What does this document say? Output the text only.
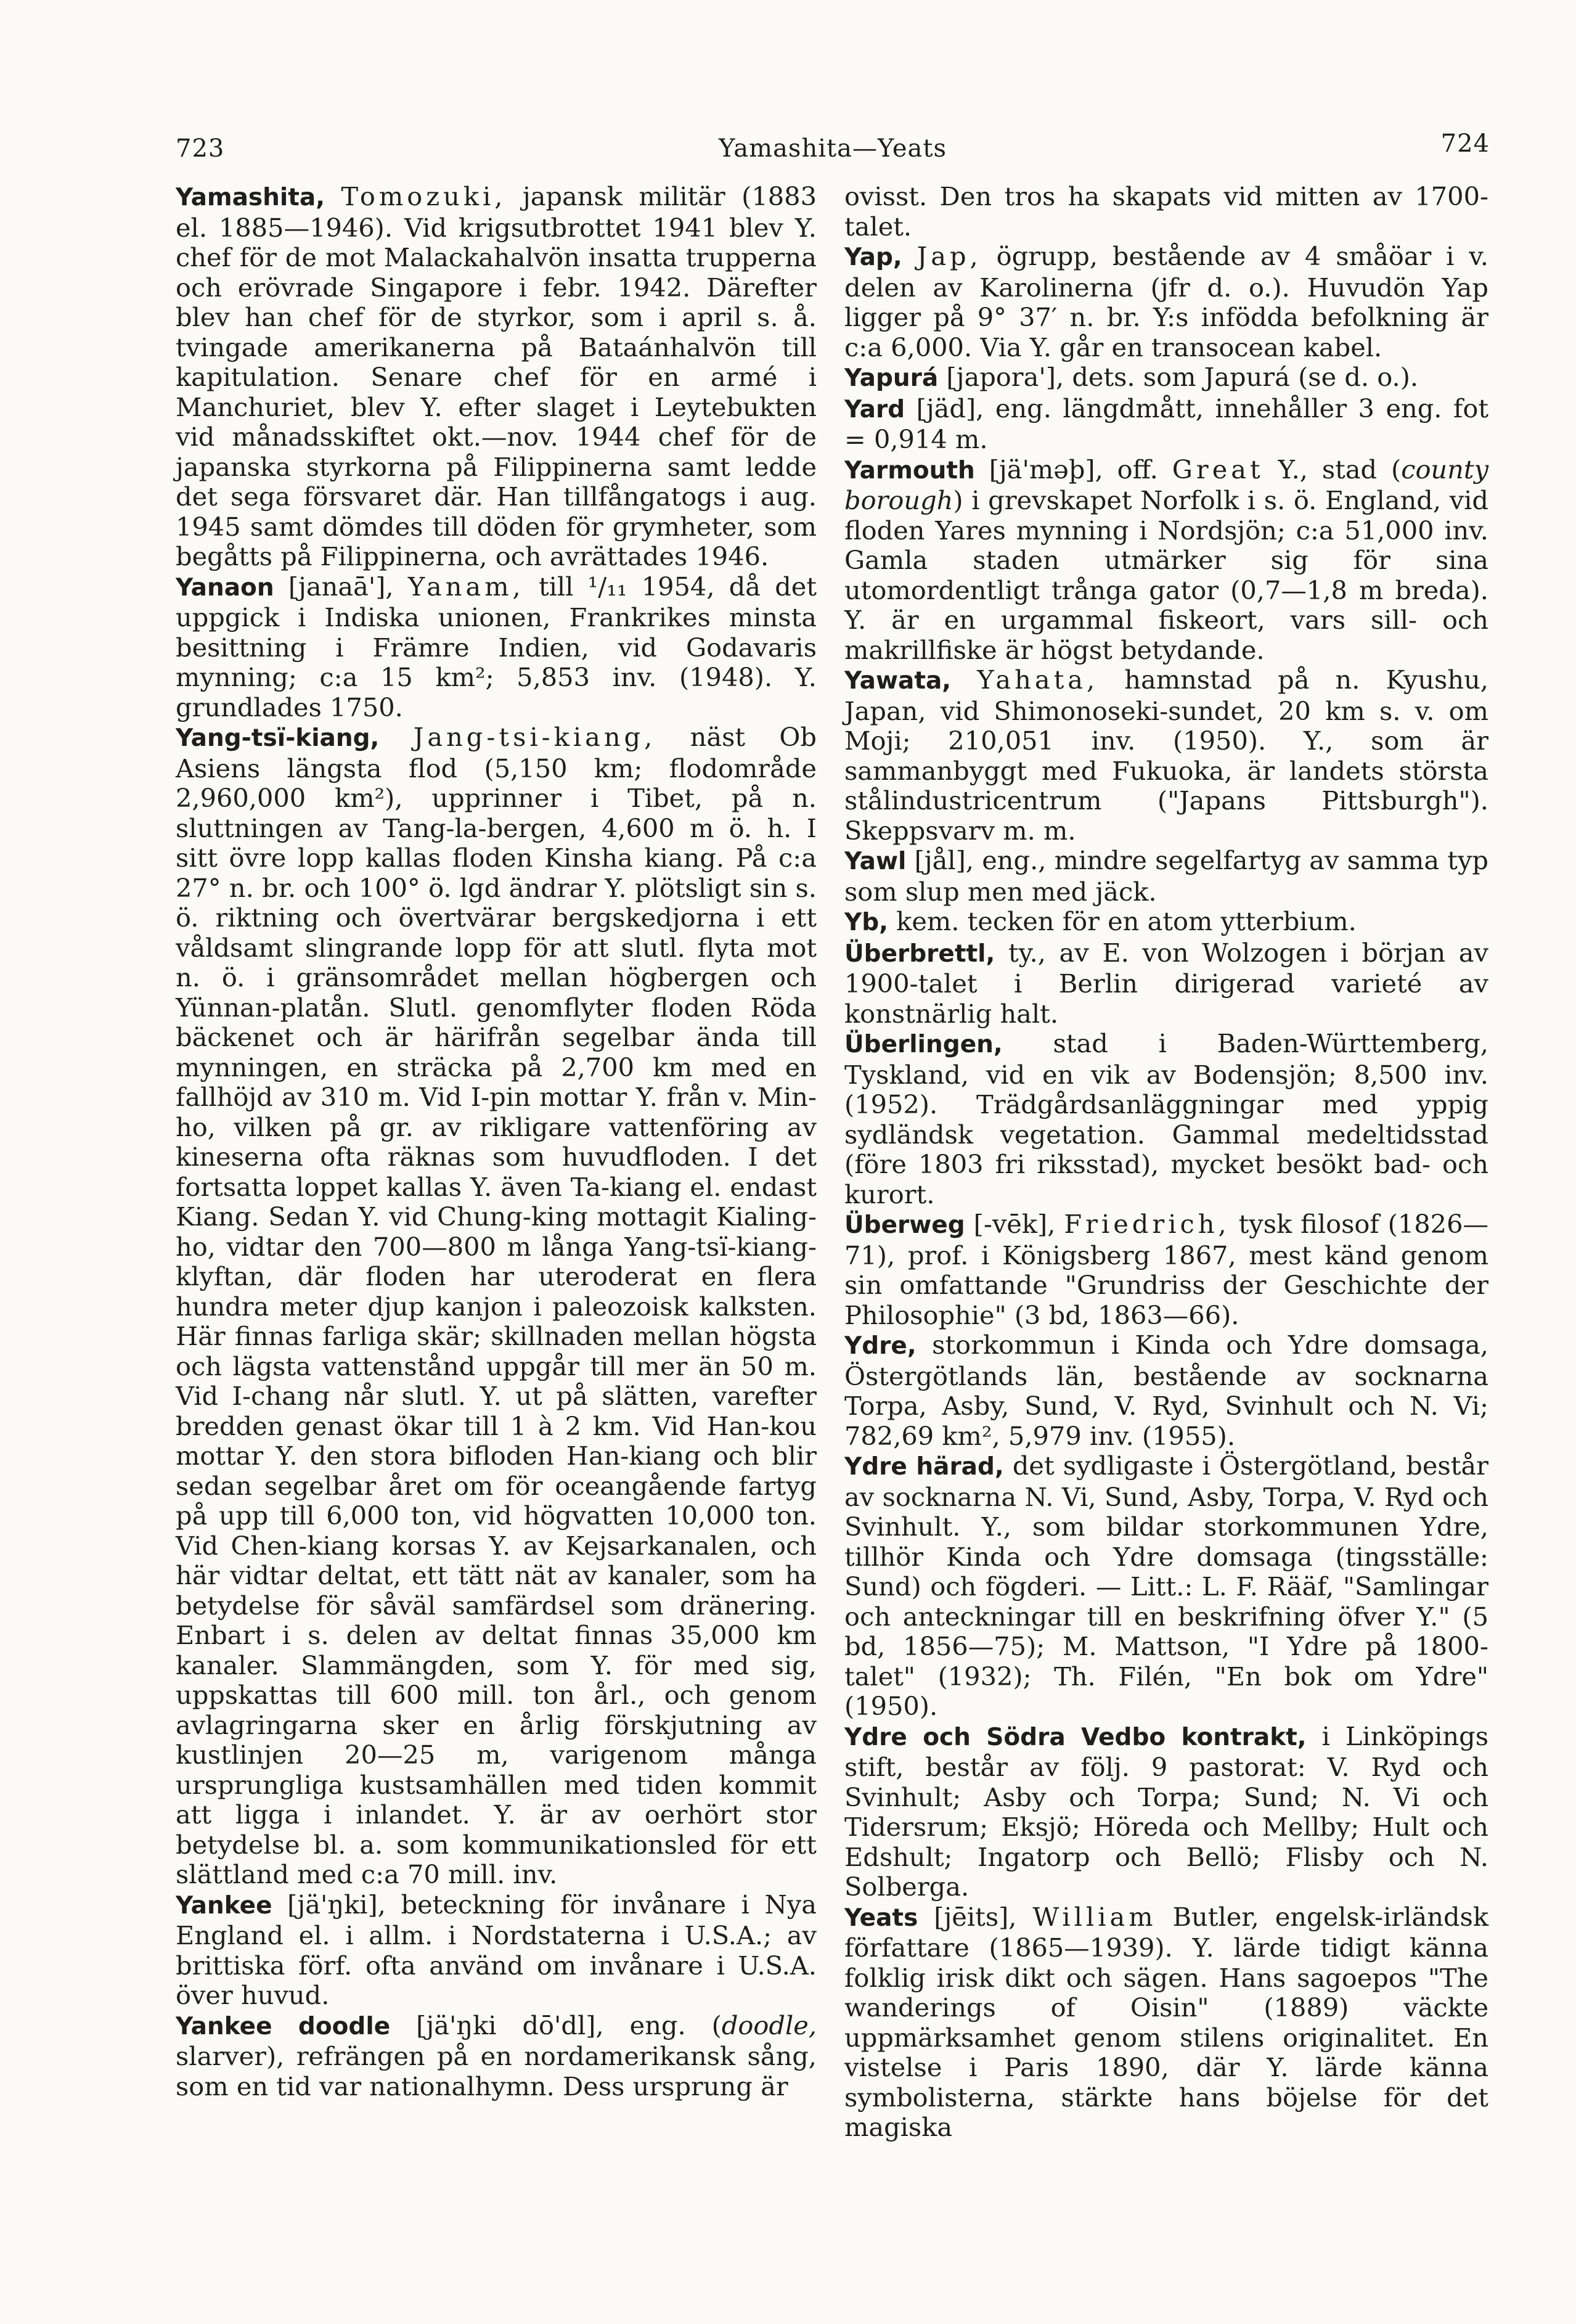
723	Yamashita—Yeats	724
Yamashita, Tomozuki, japansk militär (1883 el. 1885—1946). Vid krigsutbrottet 1941 blev Y. chef för de mot Malackahalvön insatta trupperna och erövrade Singapore i febr. 1942. Därefter blev han chef för de styrkor, som i april s. å. tvingade amerikanerna på Bataánhalvön till kapitulation. Senare chef för en armé i Manchuriet, blev Y. efter slaget i Leytebukten vid månadsskiftet okt.—nov. 1944 chef för de japanska styrkorna på Filippinerna samt ledde det sega försvaret där. Han tillfångatogs i aug. 1945 samt dömdes till döden för grymheter, som begåtts på Filippinerna, och avrättades 1946.
Yanaon [janaā'], Yanam, till ¹/₁₁ 1954, då det uppgick i Indiska unionen, Frankrikes minsta besittning i Främre Indien, vid Godavaris mynning; c:a 15 km²; 5,853 inv. (1948). Y. grundlades 1750.
Yang-tsï-kiang, Jang-tsi-kiang, näst Ob Asiens längsta flod (5,150 km; flodområde 2,960,000 km²), upprinner i Tibet, på n. sluttningen av Tang-la-bergen, 4,600 m ö. h. I sitt övre lopp kallas floden Kinsha kiang. På c:a 27° n. br. och 100° ö. lgd ändrar Y. plötsligt sin s. ö. riktning och övertvärar bergskedjorna i ett våldsamt slingrande lopp för att slutl. flyta mot n. ö. i gränsområdet mellan högbergen och Yünnan-platån. Slutl. genomflyter floden Röda bäckenet och är härifrån segelbar ända till mynningen, en sträcka på 2,700 km med en fallhöjd av 310 m. Vid I-pin mottar Y. från v. Min-ho, vilken på gr. av rikligare vattenföring av kineserna ofta räknas som huvudfloden. I det fortsatta loppet kallas Y. även Ta-kiang el. endast Kiang. Sedan Y. vid Chung-king mottagit Kialing-ho, vidtar den 700—800 m långa Yang-tsï-kiang-klyftan, där floden har uteroderat en flera hundra meter djup kanjon i paleozoisk kalksten. Här finnas farliga skär; skillnaden mellan högsta och lägsta vattenstånd uppgår till mer än 50 m. Vid I-chang når slutl. Y. ut på slätten, varefter bredden genast ökar till 1 à 2 km. Vid Han-kou mottar Y. den stora bifloden Han-kiang och blir sedan segelbar året om för oceangående fartyg på upp till 6,000 ton, vid högvatten 10,000 ton. Vid Chen-kiang korsas Y. av Kejsarkanalen, och här vidtar deltat, ett tätt nät av kanaler, som ha betydelse för såväl samfärdsel som dränering. Enbart i s. delen av deltat finnas 35,000 km kanaler. Slammängden, som Y. för med sig, uppskattas till 600 mill. ton årl., och genom avlagringarna sker en årlig förskjutning av kustlinjen 20—25 m, varigenom många ursprungliga kustsamhällen med tiden kommit att ligga i inlandet. Y. är av oerhört stor betydelse bl. a. som kommunikationsled för ett slättland med c:a 70 mill. inv.
Yankee [jä'ŋki], beteckning för invånare i Nya England el. i allm. i Nordstaterna i U.S.A.; av brittiska förf. ofta använd om invånare i U.S.A. över huvud.
Yankee doodle [jä'ŋki dō'dl], eng. (doodle, slarver), refrängen på en nordamerikansk sång, som en tid var nationalhymn. Dess ursprung är
ovisst. Den tros ha skapats vid mitten av 1700-talet.
Yap, Jap, ögrupp, bestående av 4 småöar i v. delen av Karolinerna (jfr d. o.). Huvudön Yap ligger på 9° 37′ n. br. Y:s infödda befolkning är c:a 6,000. Via Y. går en transocean kabel.
Yapurá [japora'], dets. som Japurá (se d. o.).
Yard [jäd], eng. längdmått, innehåller 3 eng. fot = 0,914 m.
Yarmouth [jä'məþ], off. Great Y., stad (county borough) i grevskapet Norfolk i s. ö. England, vid floden Yares mynning i Nordsjön; c:a 51,000 inv. Gamla staden utmärker sig för sina utomordentligt trånga gator (0,7—1,8 m breda). Y. är en urgammal fiskeort, vars sill- och makrillfiske är högst betydande.
Yawata, Yahata, hamnstad på n. Kyushu, Japan, vid Shimonoseki-sundet, 20 km s. v. om Moji; 210,051 inv. (1950). Y., som är sammanbyggt med Fukuoka, är landets största stålindustricentrum ("Japans Pittsburgh"). Skeppsvarv m. m.
Yawl [jål], eng., mindre segelfartyg av samma typ som slup men med jäck.
Yb, kem. tecken för en atom ytterbium.
Überbrettl, ty., av E. von Wolzogen i början av 1900-talet i Berlin dirigerad varieté av konstnärlig halt.
Überlingen, stad i Baden-Württemberg, Tyskland, vid en vik av Bodensjön; 8,500 inv. (1952). Trädgårdsanläggningar med yppig sydländsk vegetation. Gammal medeltidsstad (före 1803 fri riksstad), mycket besökt bad- och kurort.
Überweg [-vēk], Friedrich, tysk filosof (1826—71), prof. i Königsberg 1867, mest känd genom sin omfattande "Grundriss der Geschichte der Philosophie" (3 bd, 1863—66).
Ydre, storkommun i Kinda och Ydre domsaga, Östergötlands län, bestående av socknarna Torpa, Asby, Sund, V. Ryd, Svinhult och N. Vi; 782,69 km², 5,979 inv. (1955).
Ydre härad, det sydligaste i Östergötland, består av socknarna N. Vi, Sund, Asby, Torpa, V. Ryd och Svinhult. Y., som bildar storkommunen Ydre, tillhör Kinda och Ydre domsaga (tingsställe: Sund) och fögderi. — Litt.: L. F. Rääf, "Samlingar och anteckningar till en beskrifning öfver Y." (5 bd, 1856—75); M. Mattson, "I Ydre på 1800-talet" (1932); Th. Filén, "En bok om Ydre" (1950).
Ydre och Södra Vedbo kontrakt, i Linköpings stift, består av följ. 9 pastorat: V. Ryd och Svinhult; Asby och Torpa; Sund; N. Vi och Tidersrum; Eksjö; Höreda och Mellby; Hult och Edshult; Ingatorp och Bellö; Flisby och N. Solberga.
Yeats [jēits], William Butler, engelsk-irländsk författare (1865—1939). Y. lärde tidigt känna folklig irisk dikt och sägen. Hans sagoepos "The wanderings of Oisin" (1889) väckte uppmärksamhet genom stilens originalitet. En vistelse i Paris 1890, där Y. lärde känna symbolisterna, stärkte hans böjelse för det magiska
